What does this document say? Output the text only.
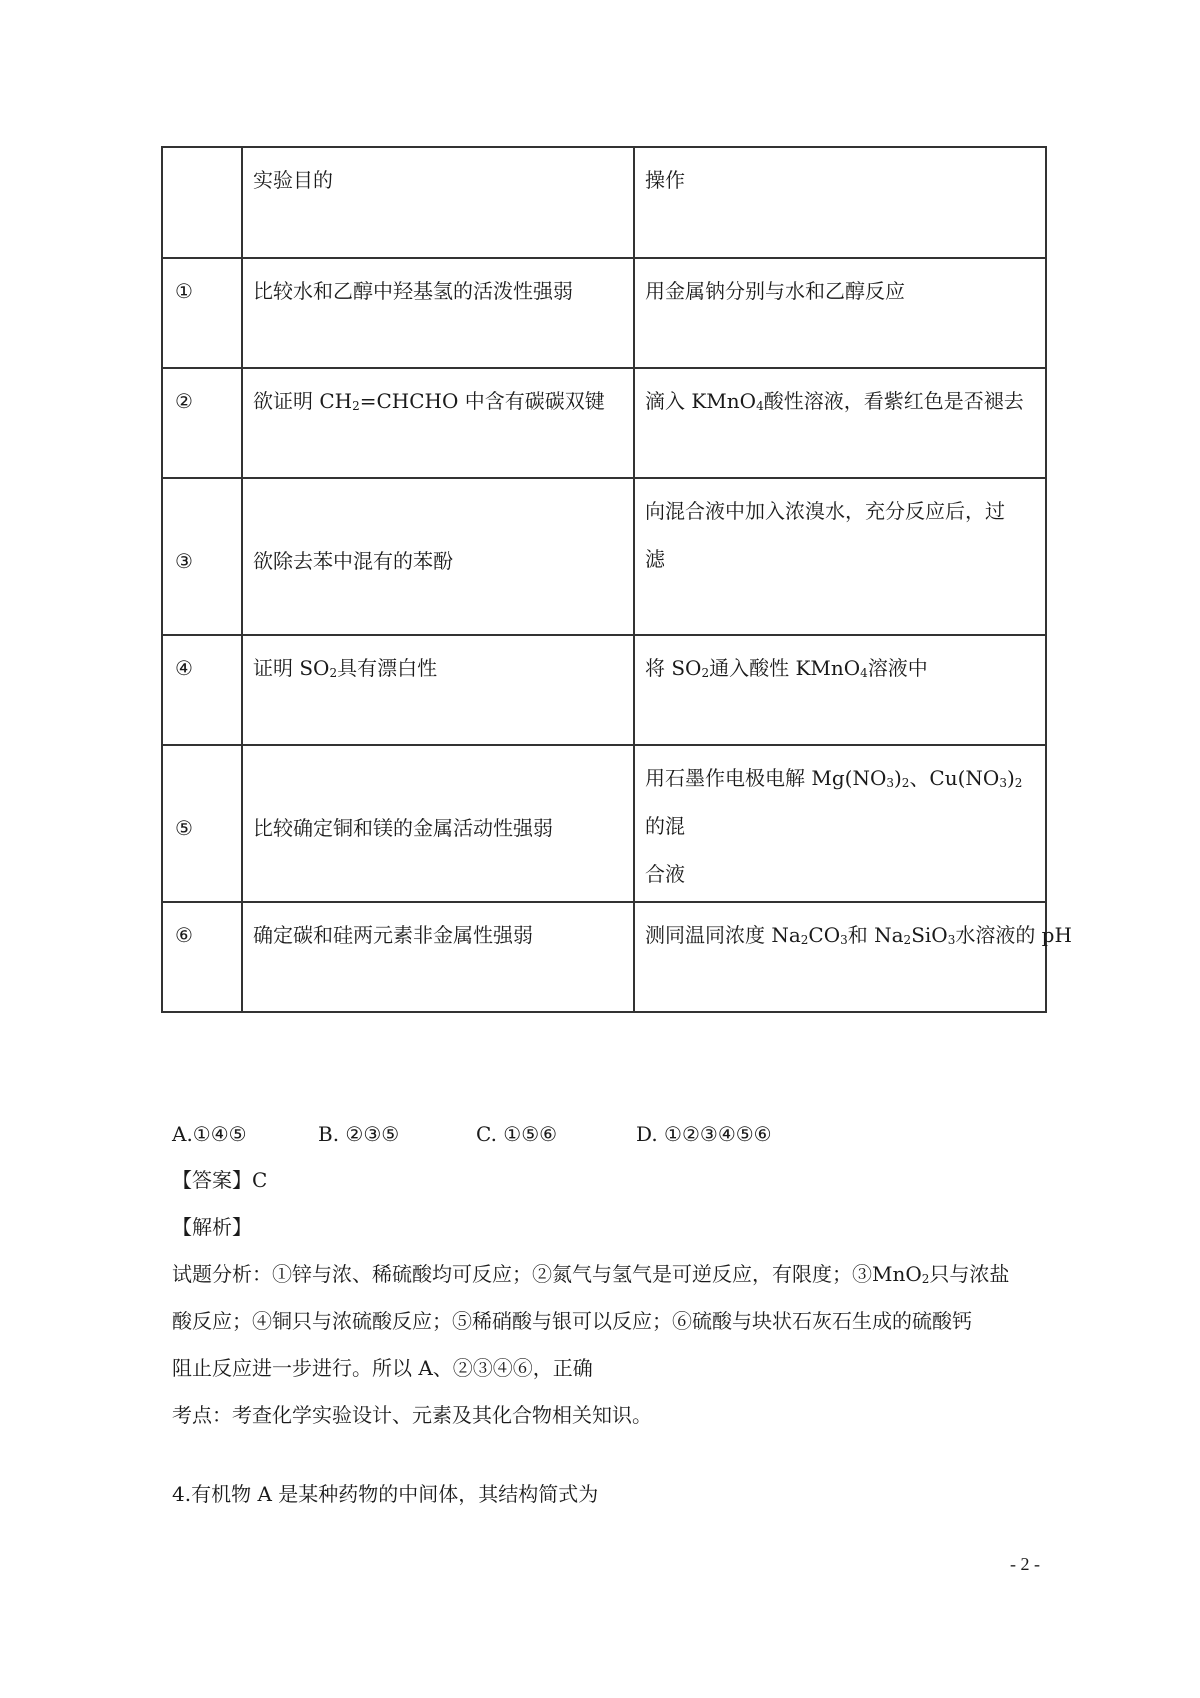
	实验目的	操作
①	比较水和乙醇中羟基氢的活泼性强弱	用金属钠分别与水和乙醇反应
②	欲证明 $CH_2=CHCHO$ 中含有碳碳双键	滴入 KMnO$_4$酸性溶液，看紫红色是否褪去
③	欲除去苯中混有的苯酚	向混合液中加入浓溴水，充分反应后，过
滤
④	证明 $SO_2$具有漂白性	将 $SO_2$通入酸性 KMnO$_4$溶液中
⑤	比较确定铜和镁的金属活动性强弱	用石墨作电极电解 $Mg(NO_3)_2$、$Cu(NO_3)_2$的混
合液
⑥	确定碳和硅两元素非金属性强弱	测同温同浓度 $Na_2CO_3$和 $Na_2SiO_3$水溶液的 pH
A.①④⑤	B. ②③⑤	C. ①⑤⑥	D. ①②③④⑤⑥
【答案】C
【解析】
试题分析：①锌与浓、稀硫酸均可反应；②氮气与氢气是可逆反应，有限度；③MnO$_2$只与浓盐
酸反应；④铜只与浓硫酸反应；⑤稀硝酸与银可以反应；⑥硫酸与块状石灰石生成的硫酸钙
阻止反应进一步进行。所以 A、②③④⑥，正确
考点：考查化学实验设计、元素及其化合物相关知识。
4.有机物 A 是某种药物的中间体，其结构简式为
- 2 -
